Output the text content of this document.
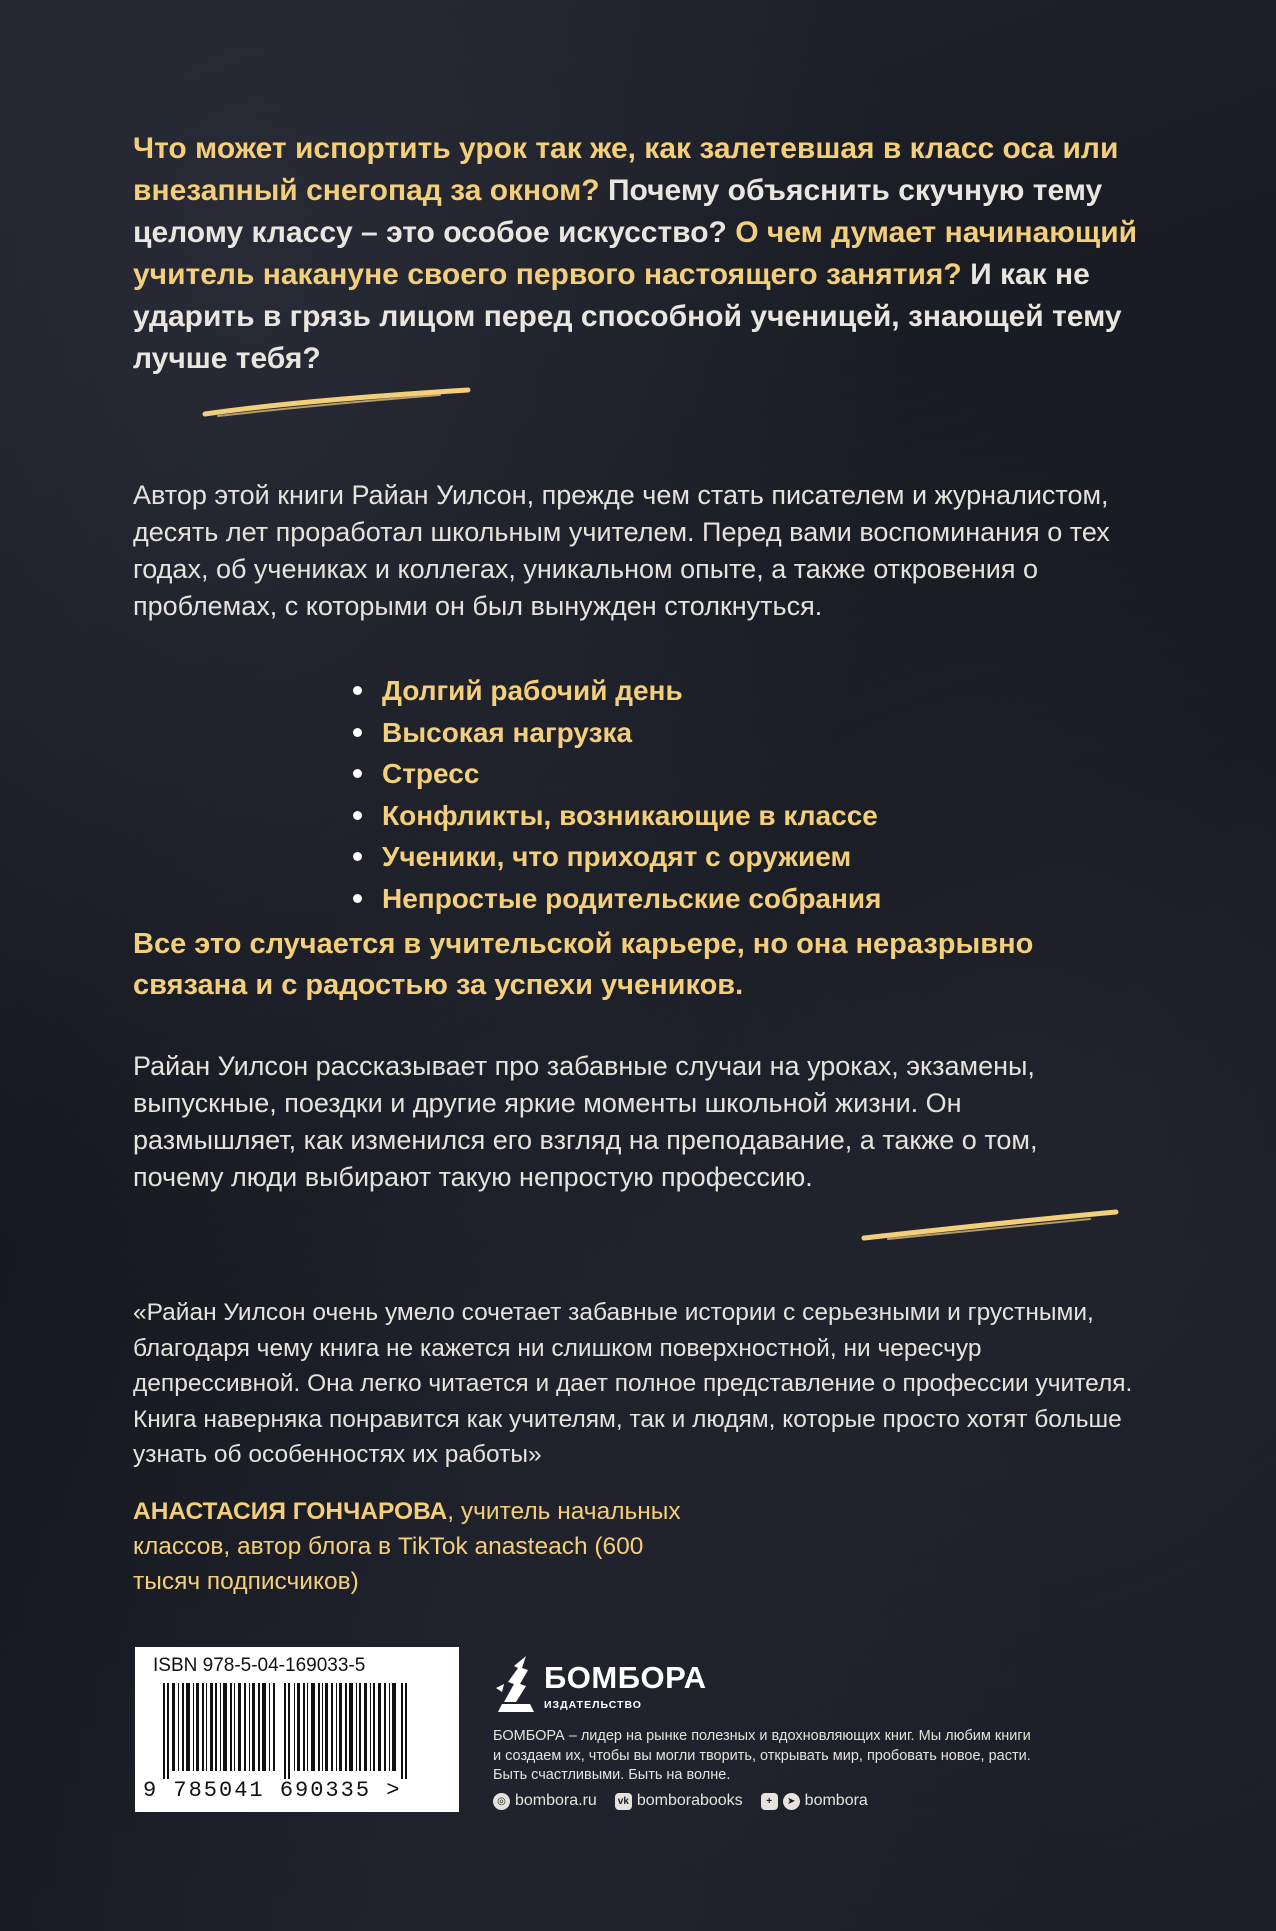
Что может испортить урок так же, как залетевшая в класс оса или внезапный снегопад за окном? Почему объяснить скучную тему целому классу – это особое искусство? О чем думает начинающий учитель накануне своего первого настоящего занятия? И как не ударить в грязь лицом перед способной ученицей, знающей тему лучше тебя?

Автор этой книги Райан Уилсон, прежде чем стать писателем и журналистом, десять лет проработал школьным учителем. Перед вами воспоминания о тех годах, об учениках и коллегах, уникальном опыте, а также откровения о проблемах, с которыми он был вынужден столкнуться.

Долгий рабочий день
Высокая нагрузка
Стресс
Конфликты, возникающие в классе
Ученики, что приходят с оружием
Непростые родительские собрания

Все это случается в учительской карьере, но она неразрывно связана и с радостью за успехи учеников.

Райан Уилсон рассказывает про забавные случаи на уроках, экзамены, выпускные, поездки и другие яркие моменты школьной жизни. Он размышляет, как изменился его взгляд на преподавание, а также о том, почему люди выбирают такую непростую профессию.

«Райан Уилсон очень умело сочетает забавные истории с серьезными и грустными, благодаря чему книга не кажется ни слишком поверхностной, ни чересчур депрессивной. Она легко читается и дает полное представление о профессии учителя. Книга наверняка понравится как учителям, так и людям, которые просто хотят больше узнать об особенностях их работы»

АНАСТАСИЯ ГОНЧАРОВА, учитель начальных классов, автор блога в TikTok anasteach (600 тысяч подписчиков)

ISBN 978-5-04-169033-5
9 785041 690335 >
БОМБОРА
ИЗДАТЕЛЬСТВО

БОМБОРА – лидер на рынке полезных и вдохновляющих книг. Мы любим книги и создаем их, чтобы вы могли творить, открывать мир, пробовать новое, расти. Быть счастливыми. Быть на волне.

◎ bombora.ru vk bomborabooks	+	➤ bombora
